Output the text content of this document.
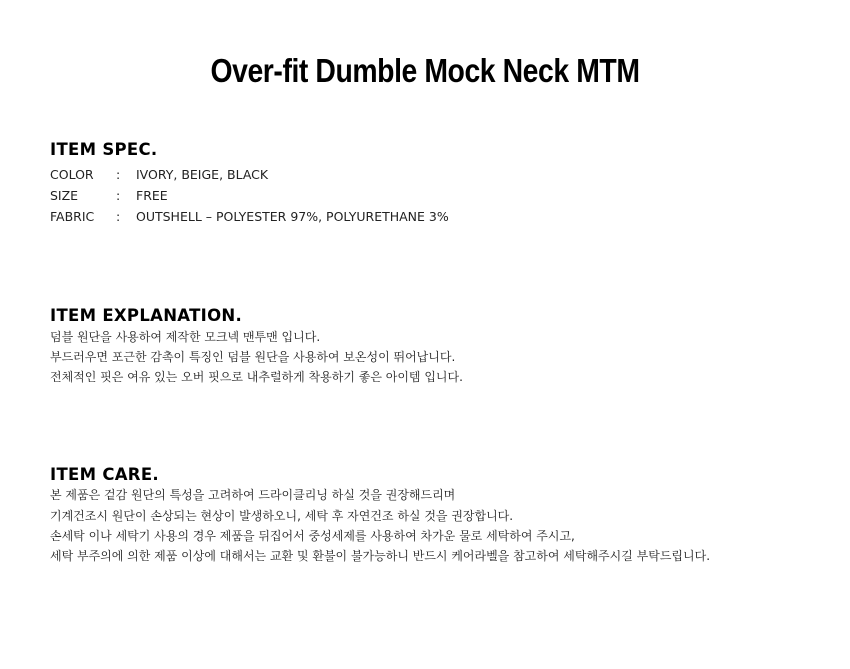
Over-fit Dumble Mock Neck MTM
ITEM SPEC.
COLOR	:	IVORY, BEIGE, BLACK
SIZE	:	FREE
FABRIC	:	OUTSHELL – POLYESTER 97%, POLYURETHANE 3%
ITEM EXPLANATION.
덤블 원단을 사용하여 제작한 모크넥 맨투맨 입니다.
부드러우면 포근한 감촉이 특징인 덤블 원단을 사용하여 보온성이 뛰어납니다.
전체적인 핏은 여유 있는 오버 핏으로 내추럴하게 착용하기 좋은 아이템 입니다.
ITEM CARE.
본 제품은 겉감 원단의 특성을 고려하여 드라이클리닝 하실 것을 권장해드리며
기계건조시 원단이 손상되는 현상이 발생하오니, 세탁 후 자연건조 하실 것을 권장합니다.
손세탁 이나 세탁기 사용의 경우 제품을 뒤집어서 중성세제를 사용하여 차가운 물로 세탁하여 주시고,
세탁 부주의에 의한 제품 이상에 대해서는 교환 및 환불이 불가능하니 반드시 케어라벨을 참고하여 세탁해주시길 부탁드립니다.
